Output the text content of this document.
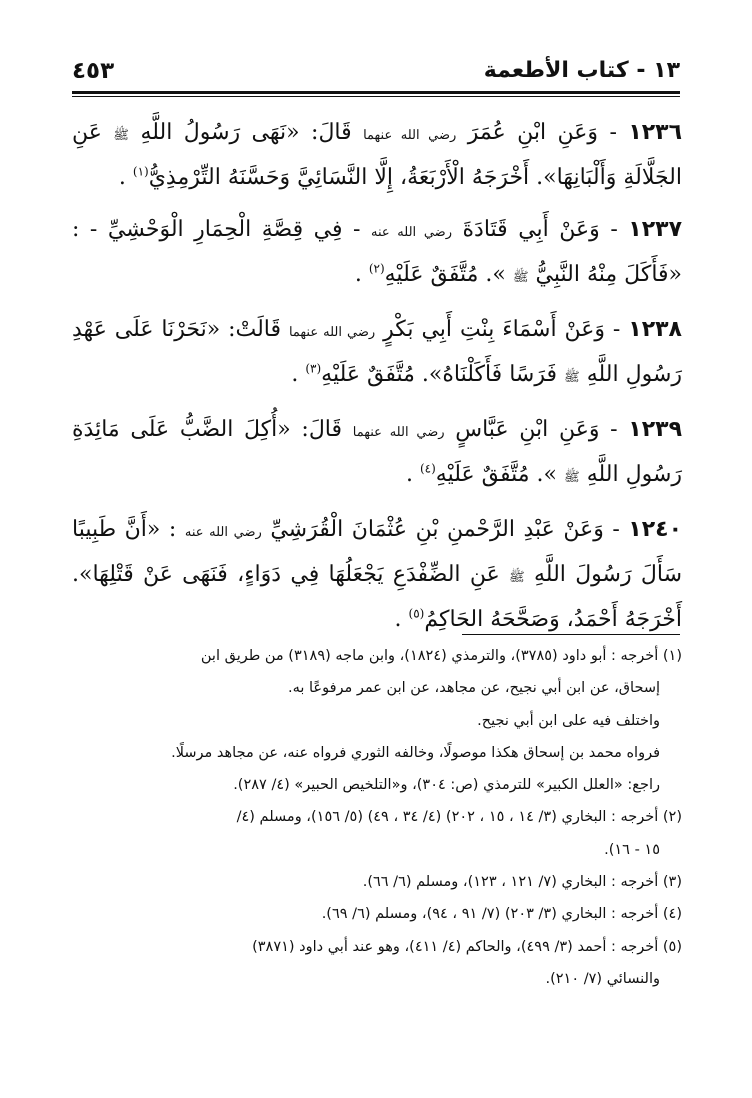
١٣ - كتاب الأطعمة
٤٥٣

١٢٣٦ - وَعَنِ ابْنِ عُمَرَ رضي الله عنهما قَالَ: «نَهَى رَسُولُ اللَّهِ ﷺ عَنِ الجَلَّالَةِ وَأَلْبَانِهَا». أَخْرَجَهُ الْأَرْبَعَةُ، إِلَّا النَّسَائِيَّ وَحَسَّنَهُ التِّرْمِذِيُّ$^{(١)}$ .

١٢٣٧ - وَعَنْ أَبِي قَتَادَةَ رضي الله عنه - فِي قِصَّةِ الْحِمَارِ الْوَحْشِيِّ - : «فَأَكَلَ مِنْهُ النَّبِيُّ ﷺ ». مُتَّفَقٌ عَلَيْهِ$^{(٢)}$ .

١٢٣٨ - وَعَنْ أَسْمَاءَ بِنْتِ أَبِي بَكْرٍ رضي الله عنهما قَالَتْ: «نَحَرْنَا عَلَى عَهْدِ رَسُولِ اللَّهِ ﷺ فَرَسًا فَأَكَلْنَاهُ». مُتَّفَقٌ عَلَيْهِ$^{(٣)}$ .

١٢٣٩ - وَعَنِ ابْنِ عَبَّاسٍ رضي الله عنهما قَالَ: «أُكِلَ الضَّبُّ عَلَى مَائِدَةِ رَسُولِ اللَّهِ ﷺ ». مُتَّفَقٌ عَلَيْهِ$^{(٤)}$ .

١٢٤٠ - وَعَنْ عَبْدِ الرَّحْمنِ بْنِ عُثْمَانَ الْقُرَشِيِّ رضي الله عنه : «أَنَّ طَبِيبًا سَأَلَ رَسُولَ اللَّهِ ﷺ عَنِ الضِّفْدَعِ يَجْعَلُهَا فِي دَوَاءٍ، فَنَهَى عَنْ قَتْلِهَا». أَخْرَجَهُ أَحْمَدُ، وَصَحَّحَهُ الحَاكِمُ$^{(٥)}$ .

(١) أخرجه : أبو داود (٣٧٨٥)، والترمذي (١٨٢٤)، وابن ماجه (٣١٨٩) من طريق ابن
إسحاق، عن ابن أبي نجيح، عن مجاهد، عن ابن عمر مرفوعًا به.
واختلف فيه على ابن أبي نجيح.
فرواه محمد بن إسحاق هكذا موصولًا، وخالفه الثوري فرواه عنه، عن مجاهد مرسلًا.
راجع: «العلل الكبير» للترمذي (ص: ٣٠٤)، و«التلخيص الحبير» (٤/ ٢٨٧).

(٢) أخرجه : البخاري (٣/ ١٤ ، ١٥ ، ٢٠٢) (٤/ ٣٤ ، ٤٩) (٥/ ١٥٦)، ومسلم (٤/
١٥ - ١٦).

(٣) أخرجه : البخاري (٧/ ١٢١ ، ١٢٣)، ومسلم (٦/ ٦٦).

(٤) أخرجه : البخاري (٣/ ٢٠٣) (٧/ ٩١ ، ٩٤)، ومسلم (٦/ ٦٩).

(٥) أخرجه : أحمد (٣/ ٤٩٩)، والحاكم (٤/ ٤١١)، وهو عند أبي داود (٣٨٧١)
والنسائي (٧/ ٢١٠).
